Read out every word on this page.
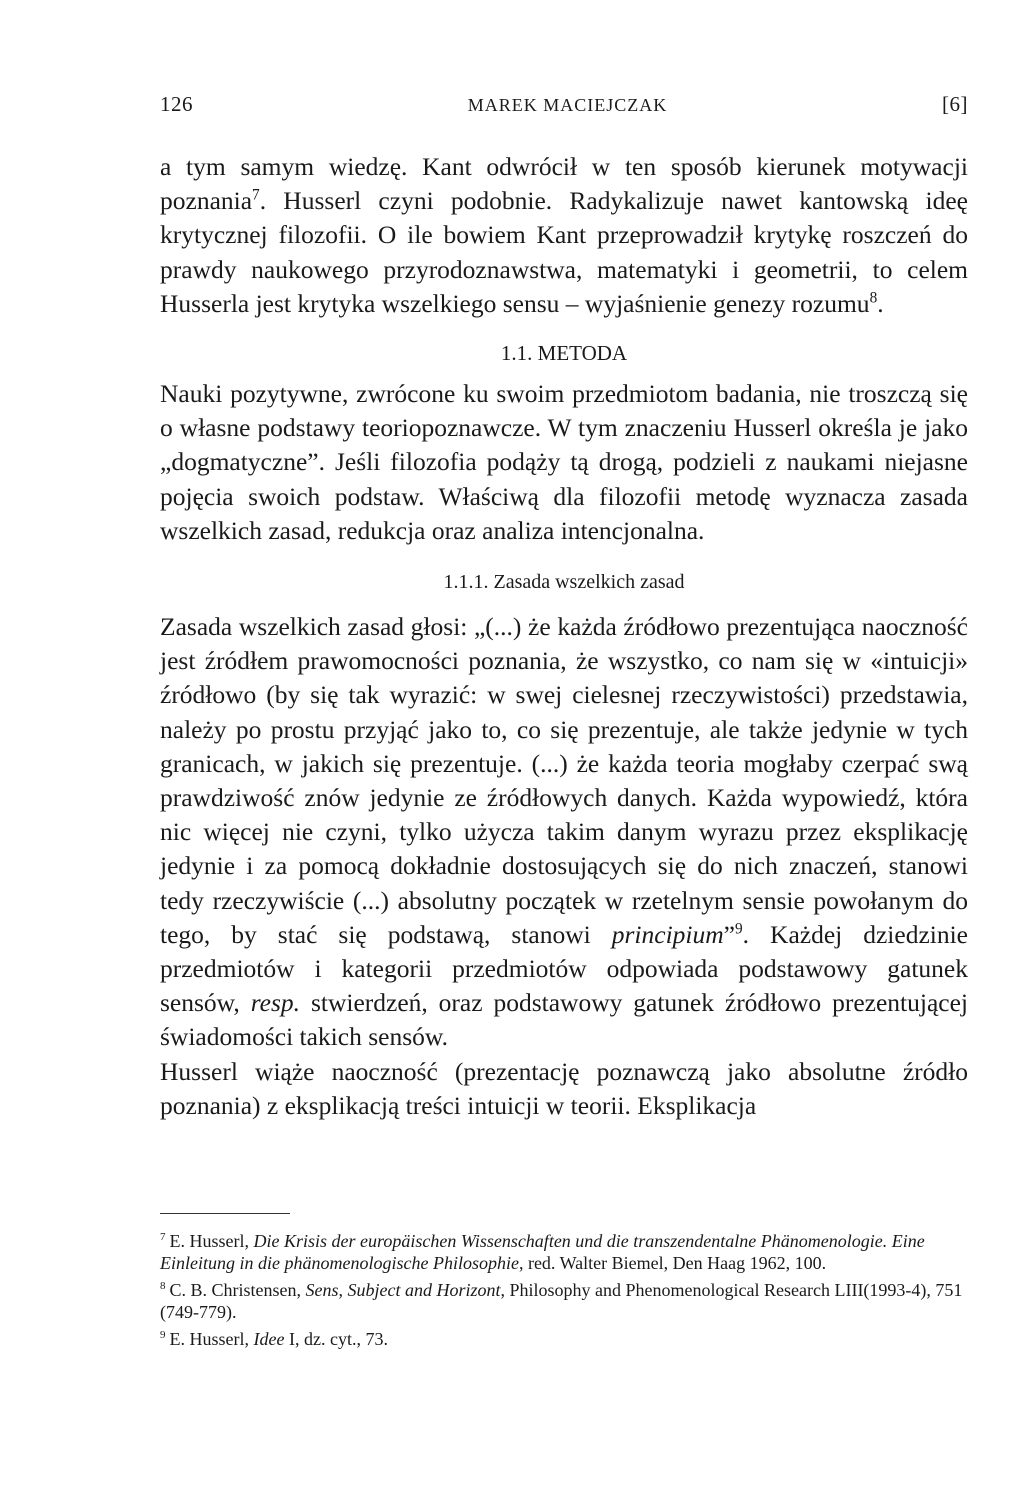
126	MAREK MACIEJCZAK	[6]

a tym samym wiedzę. Kant odwrócił w ten sposób kierunek motywacji poznania$^7$. Husserl czyni podobnie. Radykalizuje nawet kantowską ideę krytycznej filozofii. O ile bowiem Kant przeprowadził krytykę roszczeń do prawdy naukowego przyrodoznawstwa, matematyki i geometrii, to celem Husserla jest krytyka wszelkiego sensu – wyjaśnienie genezy rozumu$^8$.

1.1. METODA

Nauki pozytywne, zwrócone ku swoim przedmiotom badania, nie troszczą się o własne podstawy teoriopoznawcze. W tym znaczeniu Husserl określa je jako „dogmatyczne”. Jeśli filozofia podąży tą drogą, podzieli z naukami niejasne pojęcia swoich podstaw. Właściwą dla filozofii metodę wyznacza zasada wszelkich zasad, redukcja oraz analiza intencjonalna.

1.1.1. Zasada wszelkich zasad

Zasada wszelkich zasad głosi: „(...) że każda źródłowo prezentująca naoczność jest źródłem prawomocności poznania, że wszystko, co nam się w «intuicji» źródłowo (by się tak wyrazić: w swej cielesnej rzeczywistości) przedstawia, należy po prostu przyjąć jako to, co się prezentuje, ale także jedynie w tych granicach, w jakich się prezentuje. (...) że każda teoria mogłaby czerpać swą prawdziwość znów jedynie ze źródłowych danych. Każda wypowiedź, która nic więcej nie czyni, tylko użycza takim danym wyrazu przez eksplikację jedynie i za pomocą dokładnie dostosujących się do nich znaczeń, stanowi tedy rzeczywiście (...) absolutny początek w rzetelnym sensie powołanym do tego, by stać się podstawą, stanowi principium”$^9$. Każdej dziedzinie przedmiotów i kategorii przedmiotów odpowiada podstawowy gatunek sensów, resp. stwierdzeń, oraz podstawowy gatunek źródłowo prezentującej świadomości takich sensów.

Husserl wiąże naoczność (prezentację poznawczą jako absolutne źródło poznania) z eksplikacją treści intuicji w teorii. Eksplikacja

$^7$ E. Husserl, Die Krisis der europäischen Wissenschaften und die transzendentalne Phänomenologie. Eine Einleitung in die phänomenologische Philosophie, red. Walter Biemel, Den Haag 1962, 100.

$^8$ C. B. Christensen, Sens, Subject and Horizont, Philosophy and Phenomenological Research LIII(1993-4), 751 (749-779).

$^9$ E. Husserl, Idee I, dz. cyt., 73.
